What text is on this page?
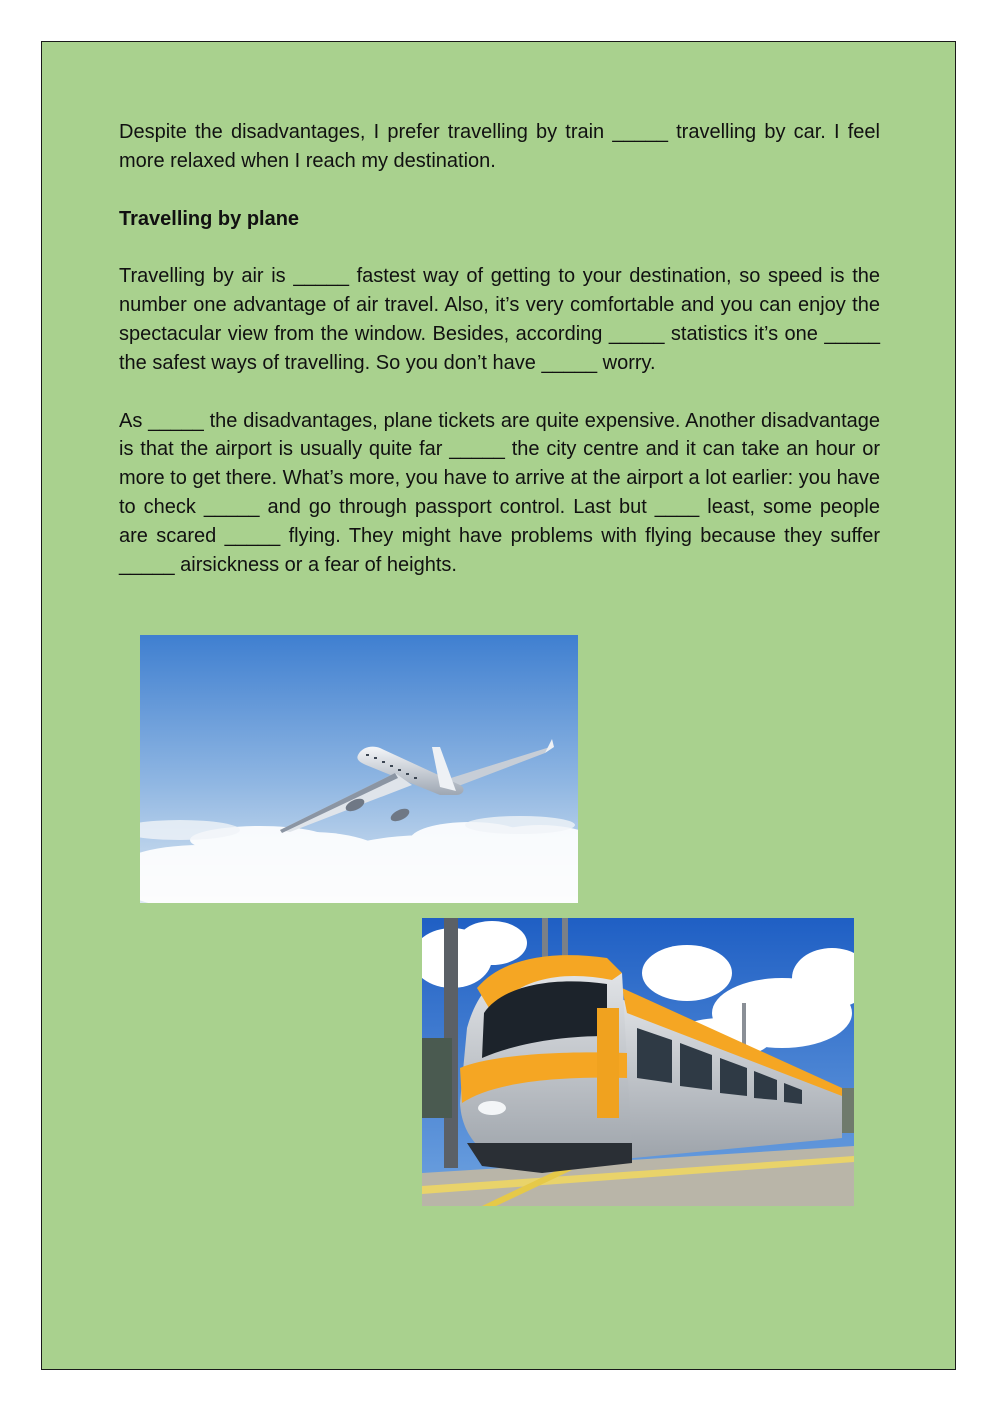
Despite the disadvantages, I prefer travelling by train _____ travelling by car. I feel more relaxed when I reach my destination.

Travelling by plane

Travelling by air is _____ fastest way of getting to your destination, so speed is the number one advantage of air travel. Also, it’s very comfortable and you can enjoy the spectacular view from the window. Besides, according _____ statistics it’s one _____ the safest ways of travelling. So you don’t have _____ worry.

As _____ the disadvantages, plane tickets are quite expensive. Another disadvantage is that the airport is usually quite far _____ the city centre and it can take an hour or more to get there. What’s more, you have to arrive at the airport a lot earlier: you have to check _____ and go through passport control. Last but ____ least, some people are scared _____ flying. They might have problems with flying because they suffer _____ airsickness or a fear of heights.
